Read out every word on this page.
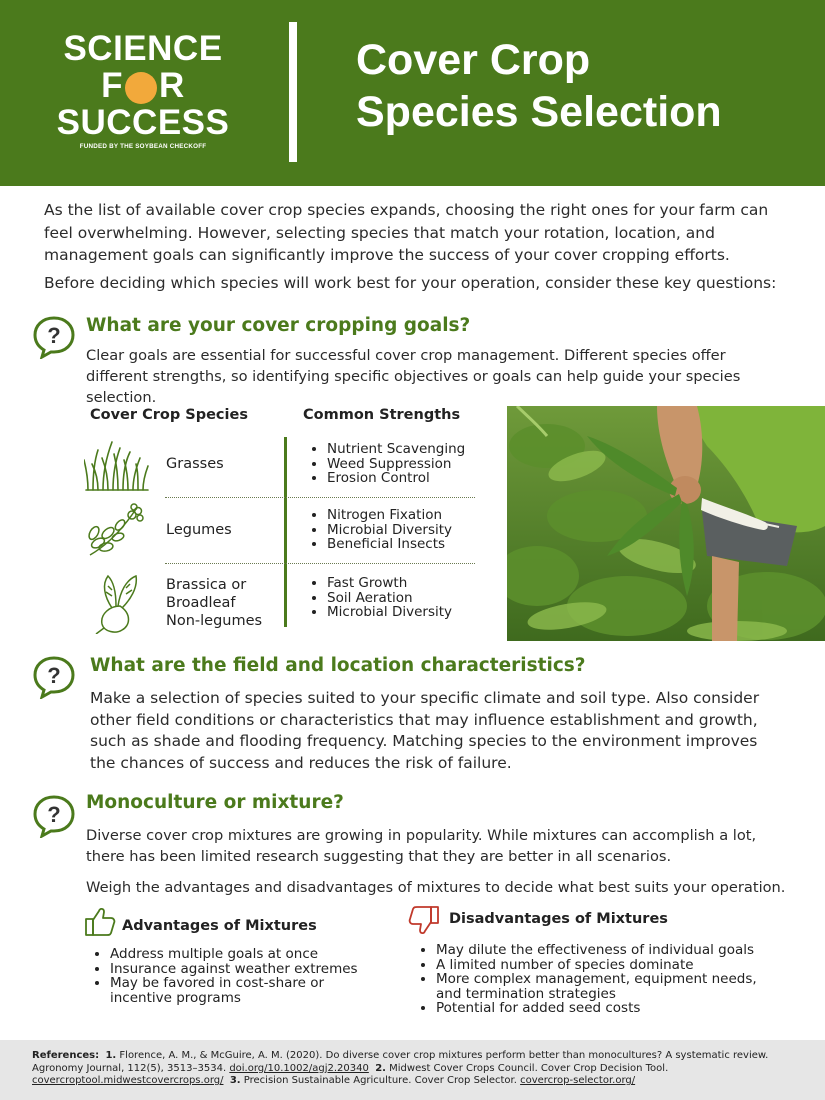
SCIENCE
F R
SUCCESS
FUNDED BY THE SOYBEAN CHECKOFF
Cover Crop
Species Selection
As the list of available cover crop species expands, choosing the right ones for your farm can feel overwhelming. However, selecting species that match your rotation, location, and management goals can significantly improve the success of your cover cropping efforts.
Before deciding which species will work best for your operation, consider these key questions:
? What are your cover cropping goals?
Clear goals are essential for successful cover crop management. Different species offer different strengths, so identifying specific objectives or goals can help guide your species selection.
Cover Crop Species	Common Strengths
Grasses
• Nutrient Scavenging
• Weed Suppression
• Erosion Control
Legumes
• Nitrogen Fixation
• Microbial Diversity
• Beneficial Insects
Brassica or
Broadleaf
Non-legumes
• Fast Growth
• Soil Aeration
• Microbial Diversity
? What are the field and location characteristics?
Make a selection of species suited to your specific climate and soil type. Also consider other field conditions or characteristics that may influence establishment and growth, such as shade and flooding frequency. Matching species to the environment improves the chances of success and reduces the risk of failure.
? Monoculture or mixture?
Diverse cover crop mixtures are growing in popularity. While mixtures can accomplish a lot, there has been limited research suggesting that they are better in all scenarios.
Weigh the advantages and disadvantages of mixtures to decide what best suits your operation.
Advantages of Mixtures
• Address multiple goals at once
• Insurance against weather extremes
• May be favored in cost-share or incentive programs
Disadvantages of Mixtures
• May dilute the effectiveness of individual goals
• A limited number of species dominate
• More complex management, equipment needs, and termination strategies
• Potential for added seed costs
References: 1. Florence, A. M., & McGuire, A. M. (2020). Do diverse cover crop mixtures perform better than monocultures? A systematic review. Agronomy Journal, 112(5), 3513–3534. doi.org/10.1002/agj2.20340 2. Midwest Cover Crops Council. Cover Crop Decision Tool. covercroptool.midwestcovercrops.org/ 3. Precision Sustainable Agriculture. Cover Crop Selector. covercrop-selector.org/
